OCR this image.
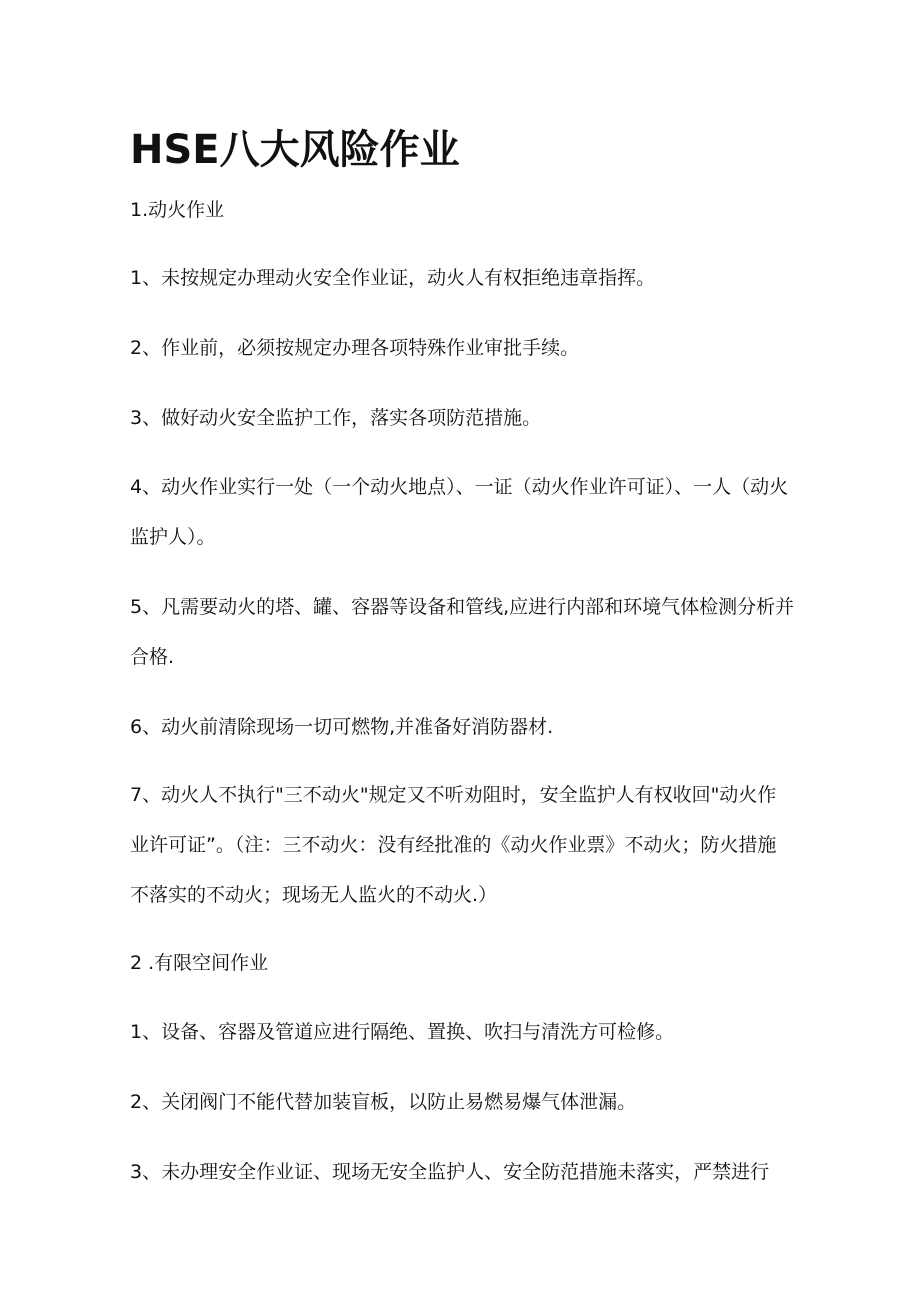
HSE八大风险作业

1.动火作业

1、未按规定办理动火安全作业证，动火人有权拒绝违章指挥。

2、作业前，必须按规定办理各项特殊作业审批手续。

3、做好动火安全监护工作，落实各项防范措施。

4、动火作业实行一处（一个动火地点）、一证（动火作业许可证）、一人（动火监护人）。

5、凡需要动火的塔、罐、容器等设备和管线,应进行内部和环境气体检测分析并合格.

6、动火前清除现场一切可燃物,并准备好消防器材.

7、动火人不执行"三不动火"规定又不听劝阻时，安全监护人有权收回"动火作业许可证”。（注：三不动火：没有经批准的《动火作业票》不动火；防火措施不落实的不动火；现场无人监火的不动火.）

2 .有限空间作业

1、设备、容器及管道应进行隔绝、置换、吹扫与清洗方可检修。

2、关闭阀门不能代替加装盲板，以防止易燃易爆气体泄漏。

3、未办理安全作业证、现场无安全监护人、安全防范措施未落实，严禁进行
